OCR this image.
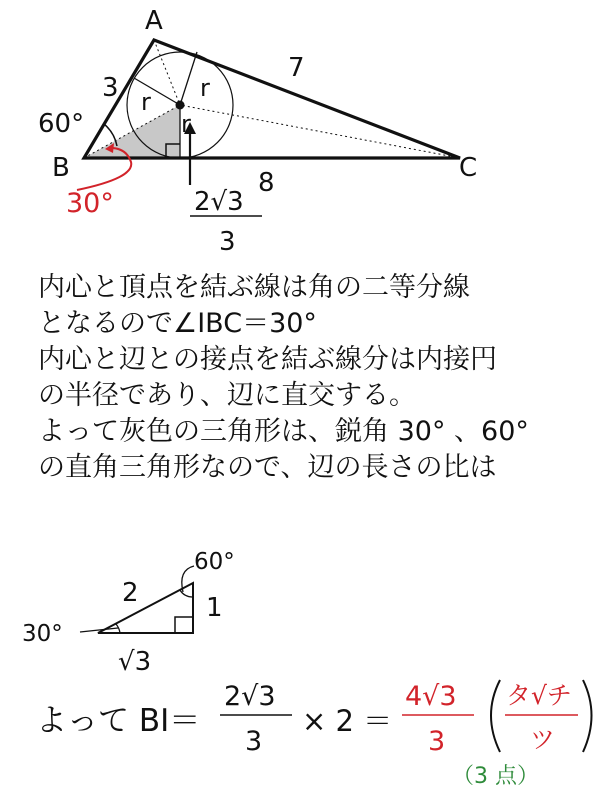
A
B	C
3
7
8
60°
r r
r
30°	2√3
3
60°
2	1
30°
√3
よって BI＝
2√3
3
× 2 ＝
4√3
3
タ√チ
ツ
（3 点）
内心と頂点を結ぶ線は角の二等分線
となるので∠IBC＝30°
内心と辺との接点を結ぶ線分は内接円
の半径であり、辺に直交する。
よって灰色の三角形は、鋭角 30° 、60°
の直角三角形なので、辺の長さの比は
